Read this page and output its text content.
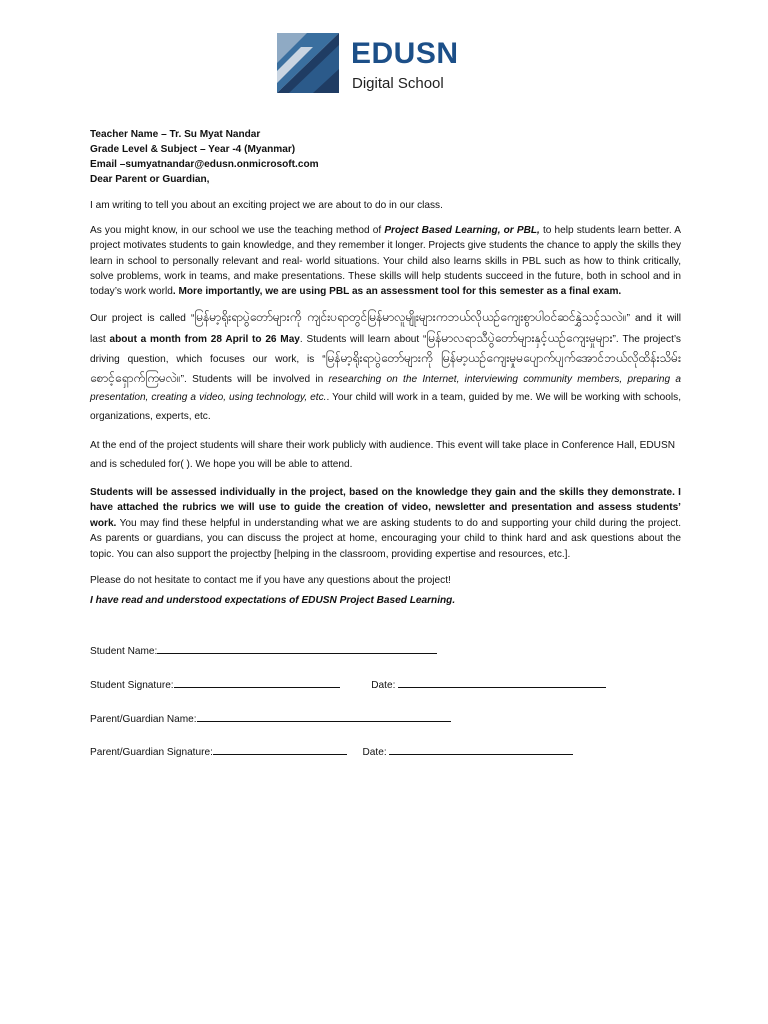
EDUSN
Digital School

Teacher Name – Tr. Su Myat Nandar

Grade Level & Subject – Year -4 (Myanmar)

Email –sumyatnandar@edusn.onmicrosoft.com

Dear Parent or Guardian,

I am writing to tell you about an exciting project we are about to do in our class.

As you might know, in our school we use the teaching method of Project Based Learning, or PBL, to help students learn better. A project motivates students to gain knowledge, and they remember it longer. Projects give students the chance to apply the skills they learn in school to personally relevant and real- world situations. Your child also learns skills in PBL such as how to think critically, solve problems, work in teams, and make presentations. These skills will help students succeed in the future, both in school and in today’s work world. More importantly, we are using PBL as an assessment tool for this semester as a final exam.

Our project is called “မြန်မာ့ရိုးရာပွဲတော်များကို ကျင်းပရာတွင်မြန်မာလူမျိုးများကဘယ်လိုယဉ်ကျေးစွာပါဝင်ဆင်နွှဲသင့်သလဲ။” and it will last about a month from 28 April to 26 May. Students will learn about “မြန်မာလရာသီပွဲတော်များနှင့်ယဉ်ကျေးမှုများ”. The project’s driving question, which focuses our work, is “မြန်မာ့ရိုးရာပွဲတော်များကို မြန်မာ့ယဉ်ကျေးမှုမပျောက်ပျက်အောင်ဘယ်လိုထိန်းသိမ်းစောင့်ရှောက်ကြမလဲ။”. Students will be involved in researching on the Internet, interviewing community members, preparing a presentation, creating a video, using technology, etc.. Your child will work in a team, guided by me. We will be working with schools, organizations, experts, etc.

At the end of the project students will share their work publicly with audience. This event will take place in Conference Hall, EDUSN and is scheduled for( ). We hope you will be able to attend.

Students will be assessed individually in the project, based on the knowledge they gain and the skills they demonstrate. I have attached the rubrics we will use to guide the creation of video, newsletter and presentation and assess students’ work. You may find these helpful in understanding what we are asking students to do and supporting your child during the project. As parents or guardians, you can discuss the project at home, encouraging your child to think hard and ask questions about the topic. You can also support the projectby [helping in the classroom, providing expertise and resources, etc.].

Please do not hesitate to contact me if you have any questions about the project!

I have read and understood expectations of EDUSN Project Based Learning.

Student Name:
Student Signature:	Date:
Parent/Guardian Name:
Parent/Guardian Signature:	Date:
